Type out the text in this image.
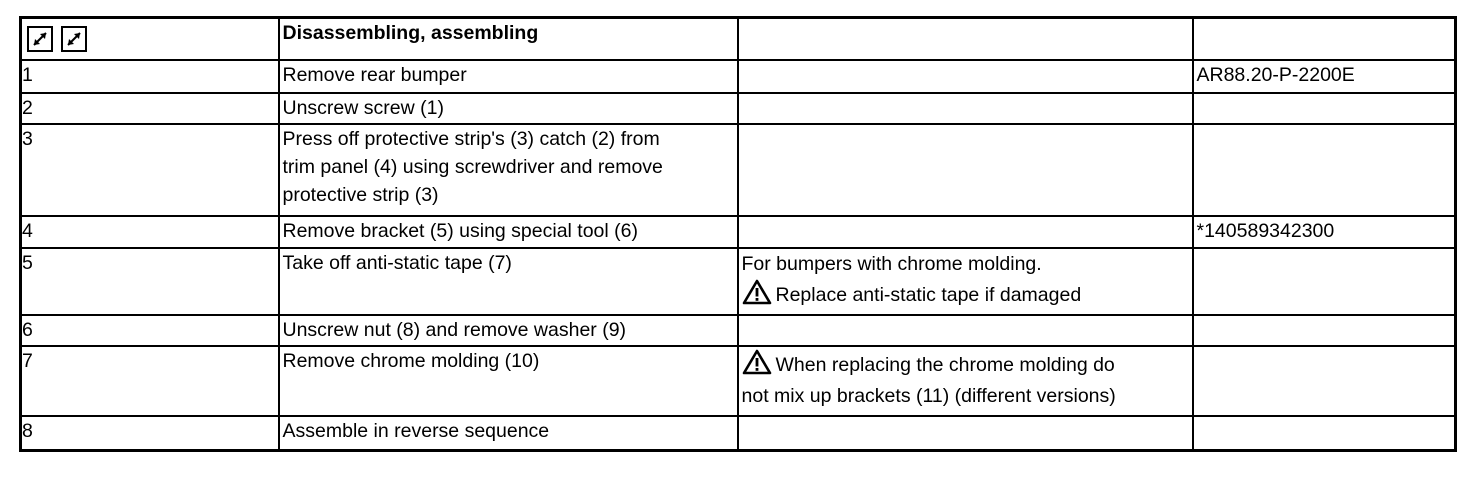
	Disassembling, assembling		
1	Remove rear bumper		AR88.20-P-2200E
2	Unscrew screw (1)		
3	Press off protective strip's (3) catch (2) from
trim panel (4) using screwdriver and remove
protective strip (3)		

4	Remove bracket (5) using special tool (6)		*140589342300
5	Take off anti-static tape (7)	For bumpers with chrome molding.
Replace anti-static tape if damaged	

6	Unscrew nut (8) and remove washer (9)		
7	Remove chrome molding (10)	When replacing the chrome molding do
not mix up brackets (11) (different versions)	

8	Assemble in reverse sequence		
